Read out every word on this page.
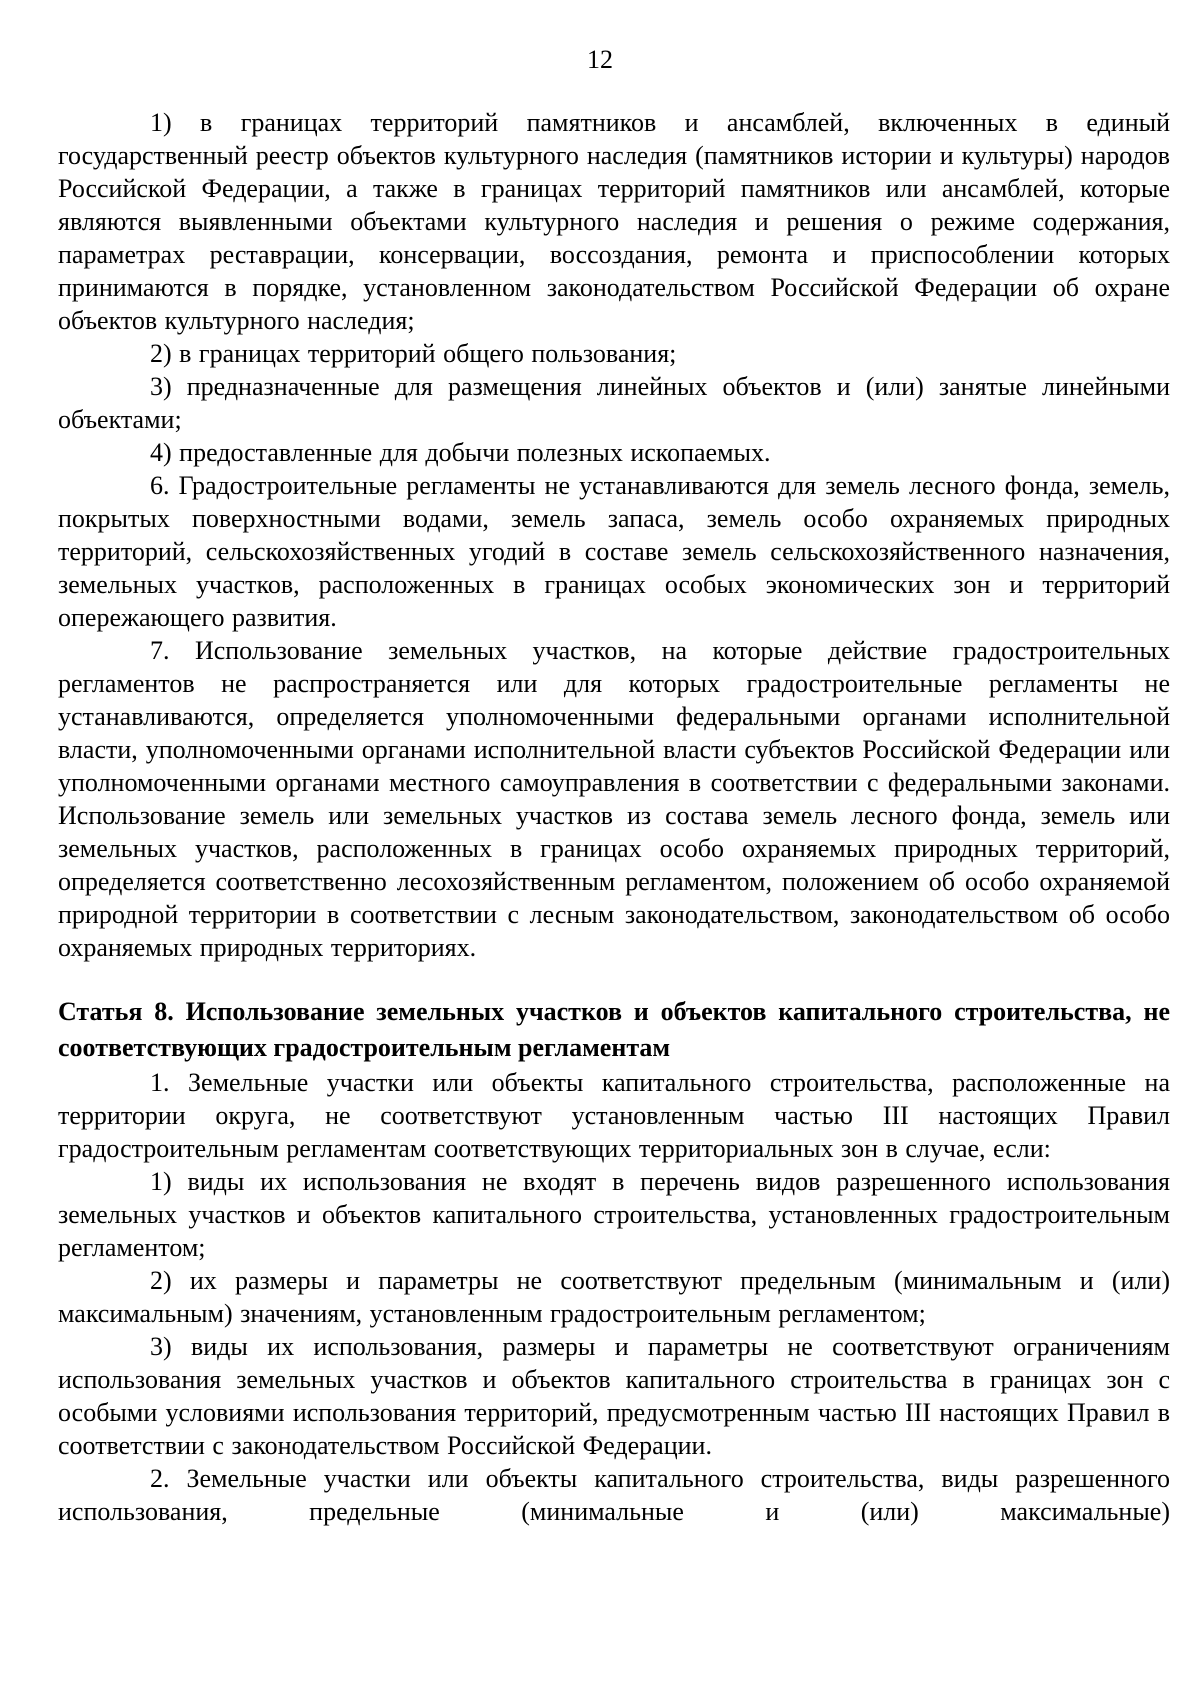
12

1) в границах территорий памятников и ансамблей, включенных в единый государственный реестр объектов культурного наследия (памятников истории и культуры) народов Российской Федерации, а также в границах территорий памятников или ансамблей, которые являются выявленными объектами культурного наследия и решения о режиме содержания, параметрах реставрации, консервации, воссоздания, ремонта и приспособлении которых принимаются в порядке, установленном законодательством Российской Федерации об охране объектов культурного наследия;

2) в границах территорий общего пользования;

3) предназначенные для размещения линейных объектов и (или) занятые линейными объектами;

4) предоставленные для добычи полезных ископаемых.

6. Градостроительные регламенты не устанавливаются для земель лесного фонда, земель, покрытых поверхностными водами, земель запаса, земель особо охраняемых природных территорий, сельскохозяйственных угодий в составе земель сельскохозяйственного назначения, земельных участков, расположенных в границах особых экономических зон и территорий опережающего развития.

7. Использование земельных участков, на которые действие градостроительных регламентов не распространяется или для которых градостроительные регламенты не устанавливаются, определяется уполномоченными федеральными органами исполнительной власти, уполномоченными органами исполнительной власти субъектов Российской Федерации или уполномоченными органами местного самоуправления в соответствии с федеральными законами. Использование земель или земельных участков из состава земель лесного фонда, земель или земельных участков, расположенных в границах особо охраняемых природных территорий, определяется соответственно лесохозяйственным регламентом, положением об особо охраняемой природной территории в соответствии с лесным законодательством, законодательством об особо охраняемых природных территориях.

Статья 8. Использование земельных участков и объектов капитального строительства, не соответствующих градостроительным регламентам

1. Земельные участки или объекты капитального строительства, расположенные на территории округа, не соответствуют установленным частью III настоящих Правил градостроительным регламентам соответствующих территориальных зон в случае, если:

1) виды их использования не входят в перечень видов разрешенного использования земельных участков и объектов капитального строительства, установленных градостроительным регламентом;

2) их размеры и параметры не соответствуют предельным (минимальным и (или) максимальным) значениям, установленным градостроительным регламентом;

3) виды их использования, размеры и параметры не соответствуют ограничениям использования земельных участков и объектов капитального строительства в границах зон с особыми условиями использования территорий, предусмотренным частью III настоящих Правил в соответствии с законодательством Российской Федерации.

2. Земельные участки или объекты капитального строительства, виды разрешенного использования, предельные (минимальные и (или) максимальные)
